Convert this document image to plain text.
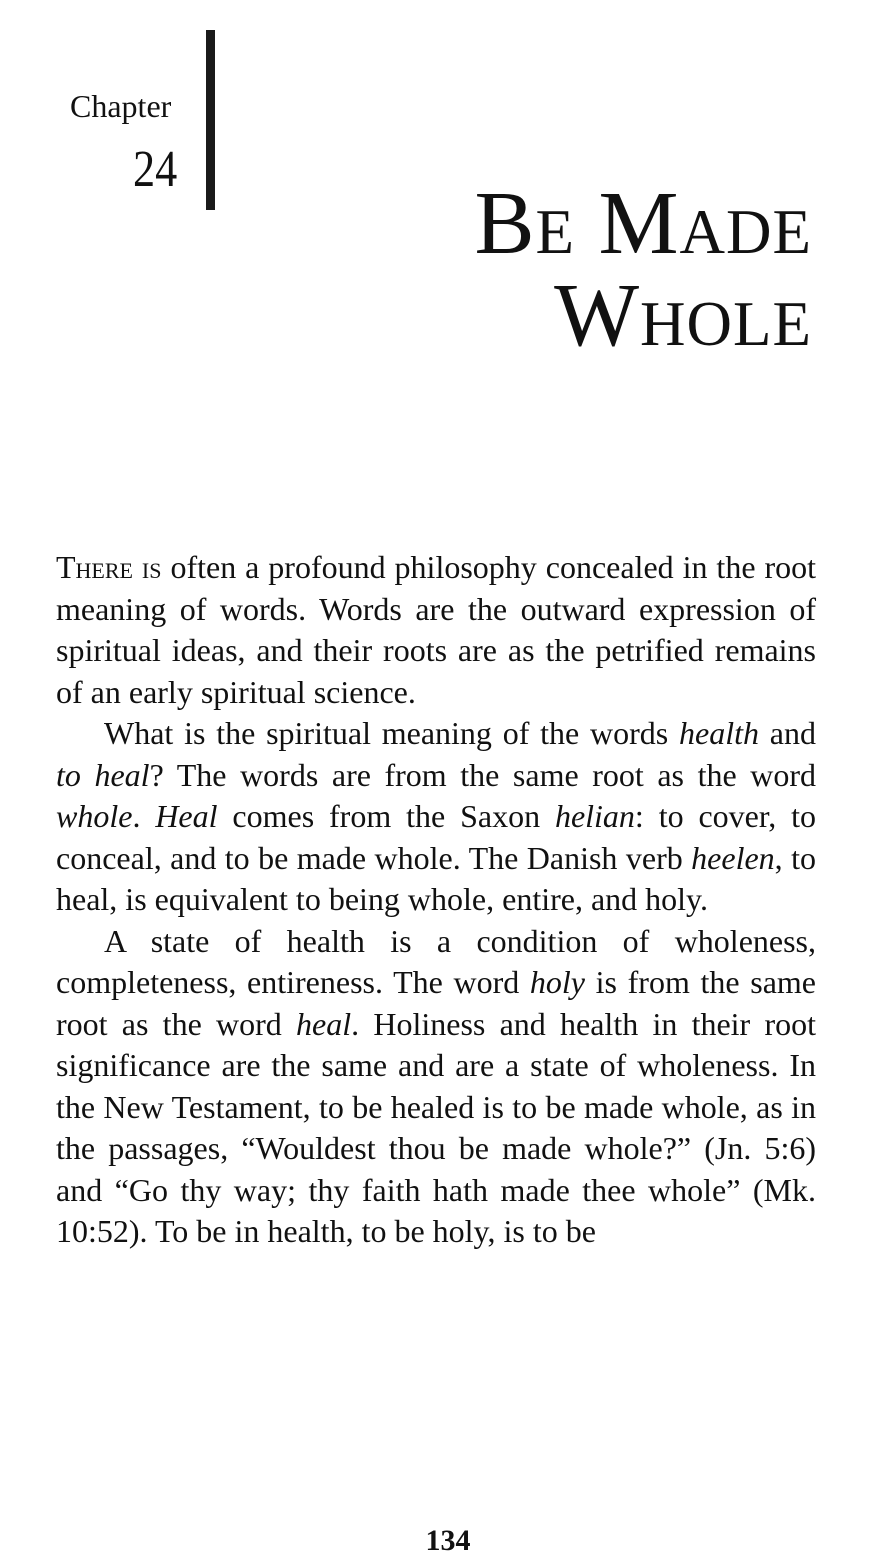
Chapter
24
Be Made
Whole

There is often a profound philosophy concealed in the root meaning of words. Words are the outward expression of spiritual ideas, and their roots are as the petrified remains of an early spiritual science.

What is the spiritual meaning of the words health and to heal? The words are from the same root as the word whole. Heal comes from the Saxon helian: to cover, to conceal, and to be made whole. The Danish verb heelen, to heal, is equivalent to being whole, entire, and holy.

A state of health is a condition of wholeness, completeness, entireness. The word holy is from the same root as the word heal. Holiness and health in their root significance are the same and are a state of wholeness. In the New Testament, to be healed is to be made whole, as in the passages, “Wouldest thou be made whole?” (Jn. 5:6) and “Go thy way; thy faith hath made thee whole” (Mk. 10:52). To be in health, to be holy, is to be

134
